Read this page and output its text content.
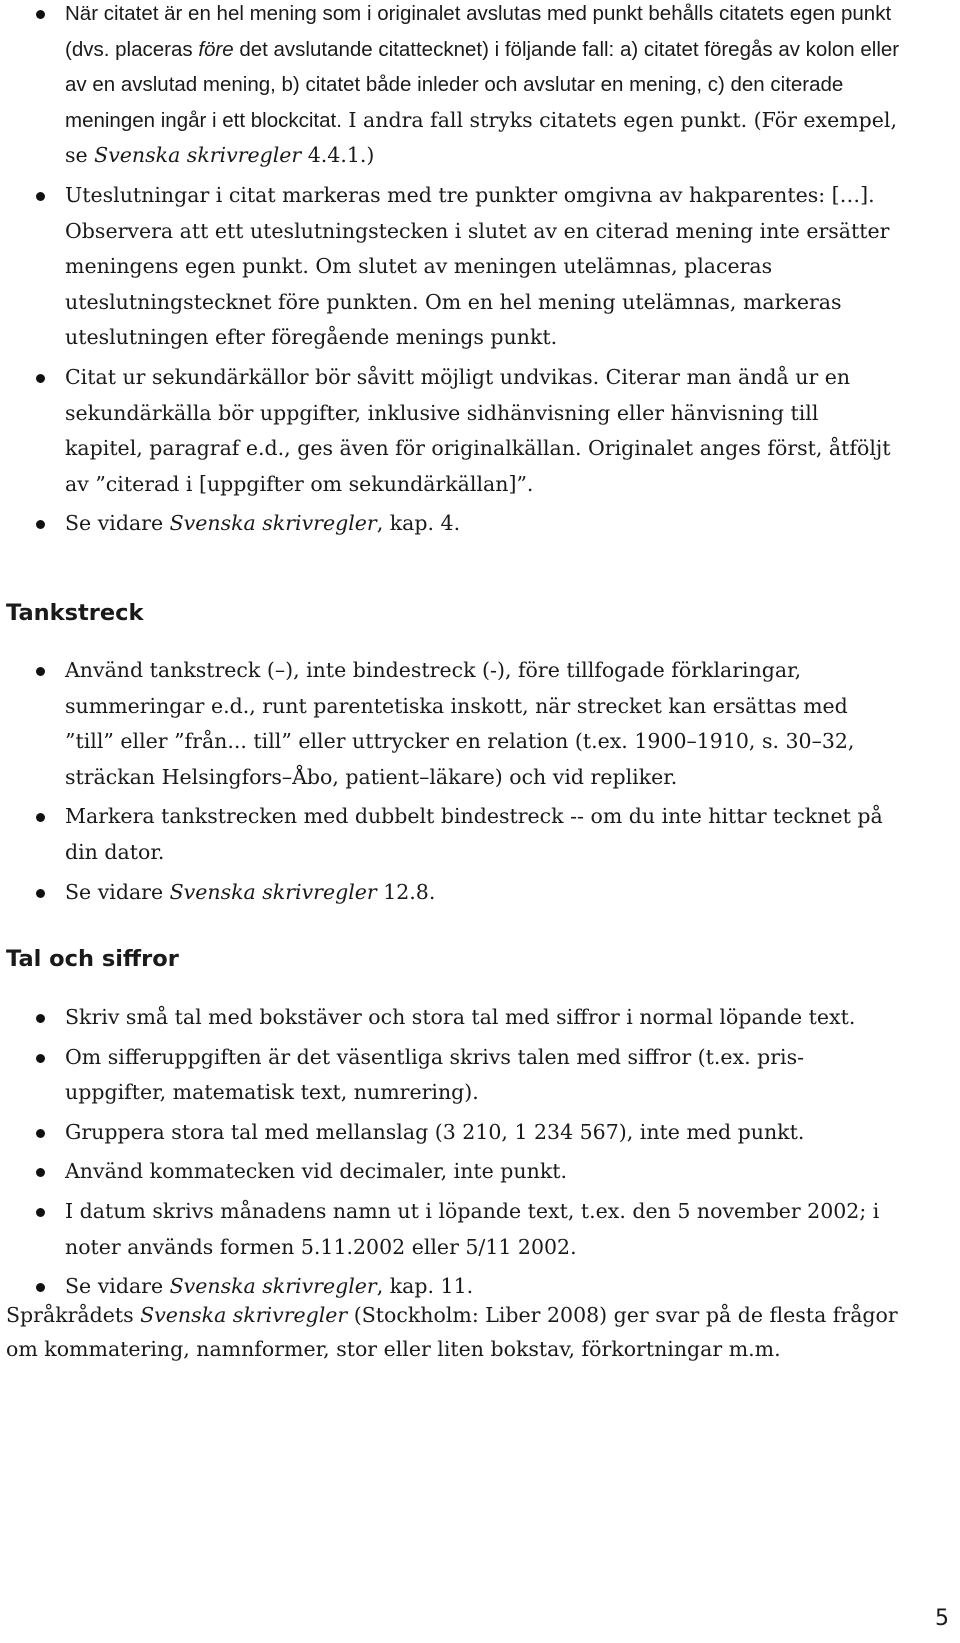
När citatet är en hel mening som i originalet avslutas med punkt behålls citatets egen punkt (dvs. placeras före det avslutande citattecknet) i följande fall: a) citatet föregås av kolon eller av en avslutad mening, b) citatet både inleder och avslutar en mening, c) den citerade meningen ingår i ett blockcitat. I andra fall stryks citatets egen punkt. (För exempel, se Svenska skrivregler 4.4.1.)
Uteslutningar i citat markeras med tre punkter omgivna av hakparentes: […]. Observera att ett uteslutningstecken i slutet av en citerad mening inte ersätter meningens egen punkt. Om slutet av meningen utelämnas, placeras uteslutningstecknet före punkten. Om en hel mening utelämnas, markeras uteslutningen efter föregående menings punkt.
Citat ur sekundärkällor bör såvitt möjligt undvikas. Citerar man ändå ur en sekundärkälla bör uppgifter, inklusive sidhänvisning eller hänvisning till kapitel, paragraf e.d., ges även för originalkällan. Originalet anges först, åtföljt av ”citerad i [uppgifter om sekundärkällan]”.
Se vidare Svenska skrivregler, kap. 4.
Tankstreck
Använd tankstreck (–), inte bindestreck (-), före tillfogade förklaringar, summeringar e.d., runt parentetiska inskott, när strecket kan ersättas med ”till” eller ”från... till” eller uttrycker en relation (t.ex. 1900–1910, s. 30–32, sträckan Helsingfors–Åbo, patient–läkare) och vid repliker.
Markera tankstrecken med dubbelt bindestreck -- om du inte hittar tecknet på din dator.
Se vidare Svenska skrivregler 12.8.
Tal och siffror
Skriv små tal med bokstäver och stora tal med siffror i normal löpande text.
Om sifferuppgiften är det väsentliga skrivs talen med siffror (t.ex. pris-uppgifter, matematisk text, numrering).
Gruppera stora tal med mellanslag (3 210, 1 234 567), inte med punkt.
Använd kommatecken vid decimaler, inte punkt.
I datum skrivs månadens namn ut i löpande text, t.ex. den 5 november 2002; i noter används formen 5.11.2002 eller 5/11 2002.
Se vidare Svenska skrivregler, kap. 11.

Språkrådets Svenska skrivregler (Stockholm: Liber 2008) ger svar på de flesta frågor om kommatering, namnformer, stor eller liten bokstav, förkortningar m.m.

5
